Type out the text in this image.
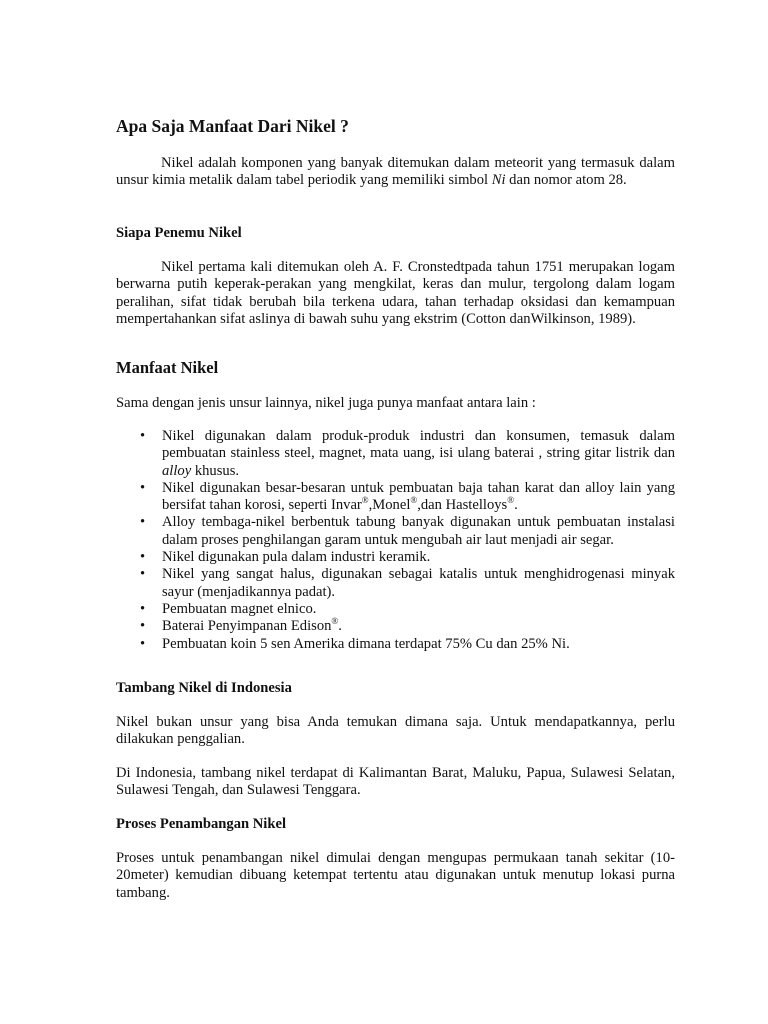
Apa Saja Manfaat Dari Nikel ?

Nikel adalah komponen yang banyak ditemukan dalam meteorit yang termasuk dalam unsur kimia metalik dalam tabel periodik yang memiliki simbol Ni dan nomor atom 28.

Siapa Penemu Nikel

Nikel pertama kali ditemukan oleh A. F. Cronstedtpada tahun 1751 merupakan logam berwarna putih keperak-perakan yang mengkilat, keras dan mulur, tergolong dalam logam peralihan, sifat tidak berubah bila terkena udara, tahan terhadap oksidasi dan kemampuan mempertahankan sifat aslinya di bawah suhu yang ekstrim (Cotton danWilkinson, 1989).

Manfaat Nikel

Sama dengan jenis unsur lainnya, nikel juga punya manfaat antara lain :

• Nikel digunakan dalam produk-produk industri dan konsumen, temasuk dalam pembuatan stainless steel, magnet, mata uang, isi ulang baterai , string gitar listrik dan alloy khusus.
• Nikel digunakan besar-besaran untuk pembuatan baja tahan karat dan alloy lain yang bersifat tahan korosi, seperti Invar®,Monel®,dan Hastelloys®.
• Alloy tembaga-nikel berbentuk tabung banyak digunakan untuk pembuatan instalasi dalam proses penghilangan garam untuk mengubah air laut menjadi air segar.
• Nikel digunakan pula dalam industri keramik.
• Nikel yang sangat halus, digunakan sebagai katalis untuk menghidrogenasi minyak sayur (menjadikannya padat).
• Pembuatan magnet elnico.
• Baterai Penyimpanan Edison®.
• Pembuatan koin 5 sen Amerika dimana terdapat 75% Cu dan 25% Ni.
Tambang Nikel di Indonesia

Nikel bukan unsur yang bisa Anda temukan dimana saja. Untuk mendapatkannya, perlu dilakukan penggalian.

Di Indonesia, tambang nikel terdapat di Kalimantan Barat, Maluku, Papua, Sulawesi Selatan, Sulawesi Tengah, dan Sulawesi Tenggara.

Proses Penambangan Nikel

Proses untuk penambangan nikel dimulai dengan mengupas permukaan tanah sekitar (10-20meter) kemudian dibuang ketempat tertentu atau digunakan untuk menutup lokasi purna tambang.
